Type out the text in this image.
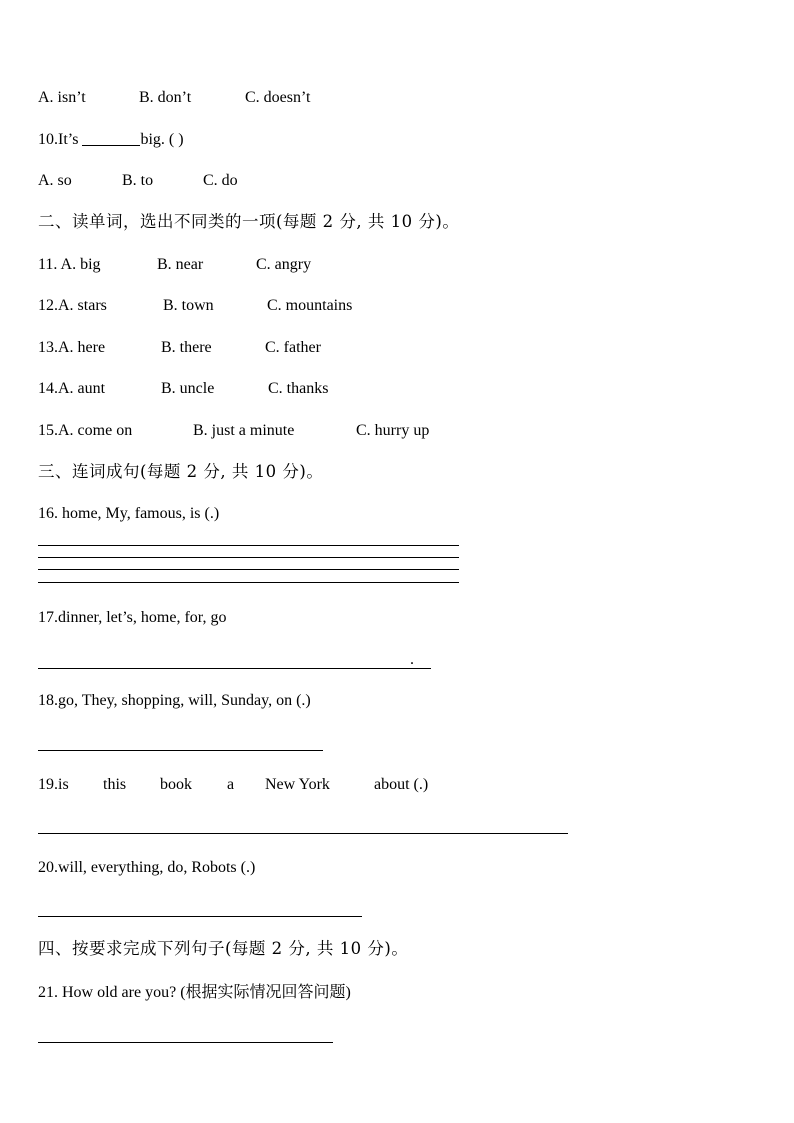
A. isn’t	B. don’t	C. doesn’t
10.It’s	big. ( )
A. so	B. to	C. do
二、读单词，选出不同类的一项(每题 2 分, 共 10 分)。
11. A. big	B. near	C. angry
12.A. stars	B. town	C. mountains
13.A. here	B. there	C. father
14.A. aunt	B. uncle	C. thanks
15.A. come on	B. just a minute	C. hurry up
三、连词成句(每题 2 分, 共 10 分)。
16. home, My, famous, is (.)
17.dinner, let’s, home, for, go
.
18.go, They, shopping, will, Sunday, on (.)
19.is this book a New York	about (.)
20.will, everything, do, Robots (.)
四、按要求完成下列句子(每题 2 分, 共 10 分)。
21. How old are you? (根据实际情况回答问题)
